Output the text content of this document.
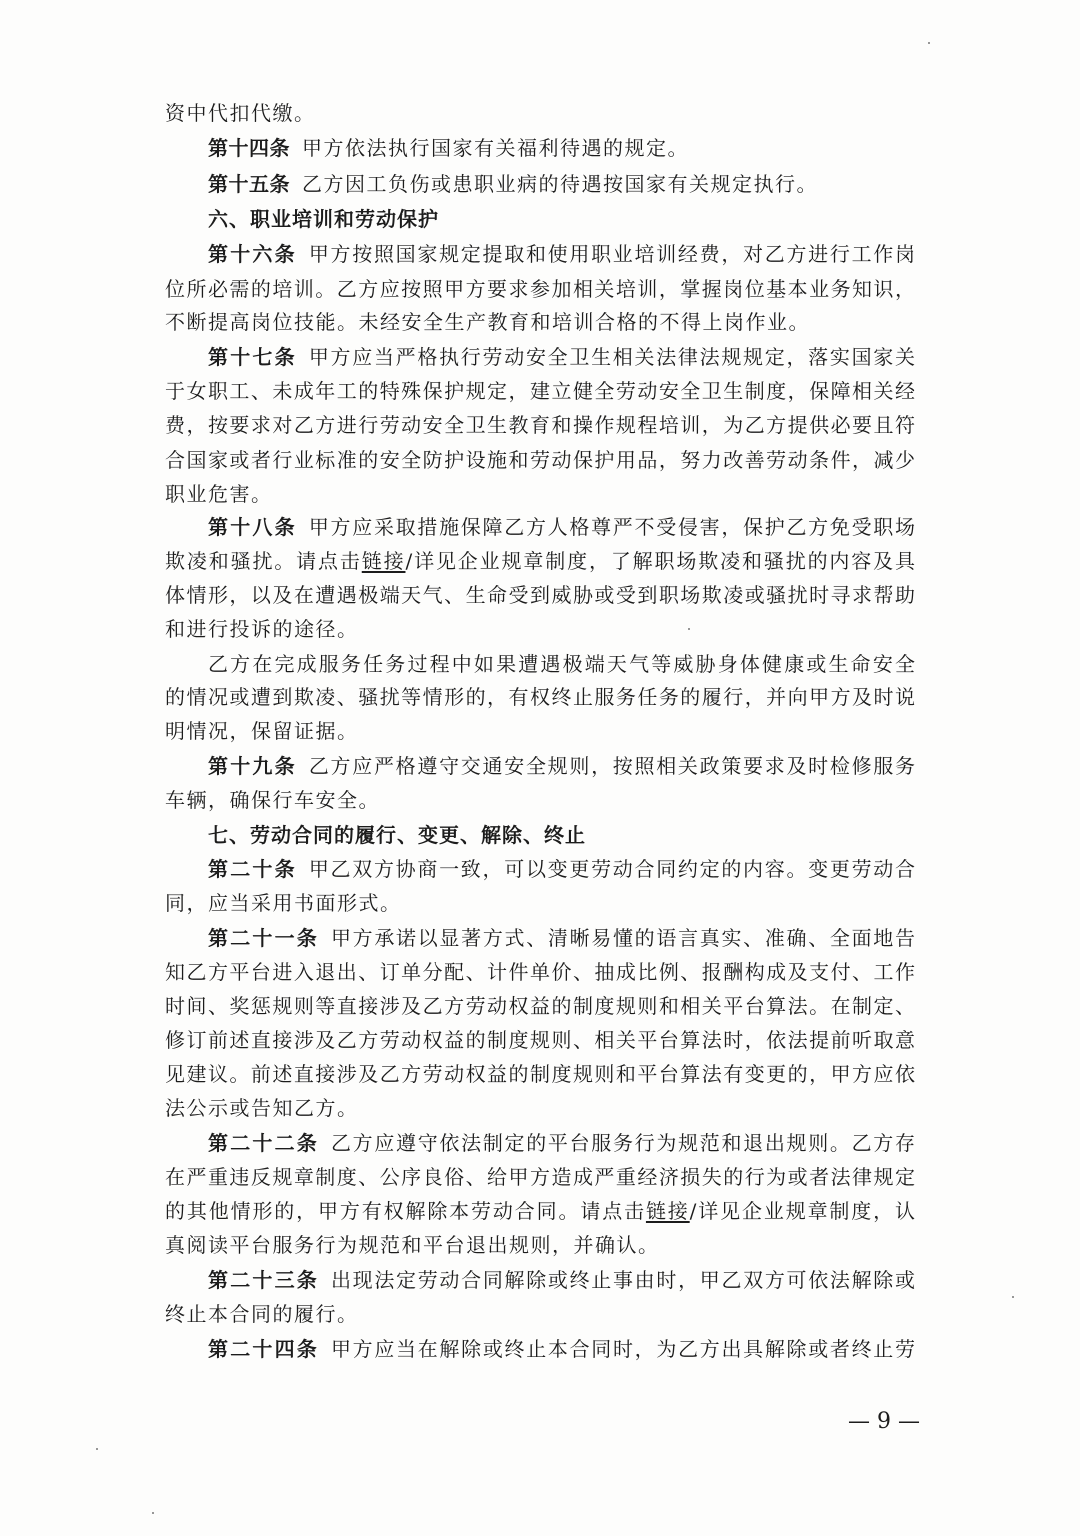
资中代扣代缴。
第十四条 甲方依法执行国家有关福利待遇的规定。
第十五条 乙方因工负伤或患职业病的待遇按国家有关规定执行。
六、职业培训和劳动保护
第十六条 甲方按照国家规定提取和使用职业培训经费，对乙方进行工作岗
位所必需的培训。乙方应按照甲方要求参加相关培训，掌握岗位基本业务知识，
不断提高岗位技能。未经安全生产教育和培训合格的不得上岗作业。
第十七条 甲方应当严格执行劳动安全卫生相关法律法规规定，落实国家关
于女职工、未成年工的特殊保护规定，建立健全劳动安全卫生制度，保障相关经
费，按要求对乙方进行劳动安全卫生教育和操作规程培训，为乙方提供必要且符
合国家或者行业标准的安全防护设施和劳动保护用品，努力改善劳动条件，减少
职业危害。
第十八条 甲方应采取措施保障乙方人格尊严不受侵害，保护乙方免受职场
欺凌和骚扰。请点击链接/详见企业规章制度，了解职场欺凌和骚扰的内容及具
体情形，以及在遭遇极端天气、生命受到威胁或受到职场欺凌或骚扰时寻求帮助
和进行投诉的途径。
乙方在完成服务任务过程中如果遭遇极端天气等威胁身体健康或生命安全
的情况或遭到欺凌、骚扰等情形的，有权终止服务任务的履行，并向甲方及时说
明情况，保留证据。
第十九条 乙方应严格遵守交通安全规则，按照相关政策要求及时检修服务
车辆，确保行车安全。
七、劳动合同的履行、变更、解除、终止
第二十条 甲乙双方协商一致，可以变更劳动合同约定的内容。变更劳动合
同，应当采用书面形式。
第二十一条 甲方承诺以显著方式、清晰易懂的语言真实、准确、全面地告
知乙方平台进入退出、订单分配、计件单价、抽成比例、报酬构成及支付、工作
时间、奖惩规则等直接涉及乙方劳动权益的制度规则和相关平台算法。在制定、
修订前述直接涉及乙方劳动权益的制度规则、相关平台算法时，依法提前听取意
见建议。前述直接涉及乙方劳动权益的制度规则和平台算法有变更的，甲方应依
法公示或告知乙方。
第二十二条 乙方应遵守依法制定的平台服务行为规范和退出规则。乙方存
在严重违反规章制度、公序良俗、给甲方造成严重经济损失的行为或者法律规定
的其他情形的，甲方有权解除本劳动合同。请点击链接/详见企业规章制度，认
真阅读平台服务行为规范和平台退出规则，并确认。
第二十三条 出现法定劳动合同解除或终止事由时，甲乙双方可依法解除或
终止本合同的履行。
第二十四条 甲方应当在解除或终止本合同时，为乙方出具解除或者终止劳
— 9 —
